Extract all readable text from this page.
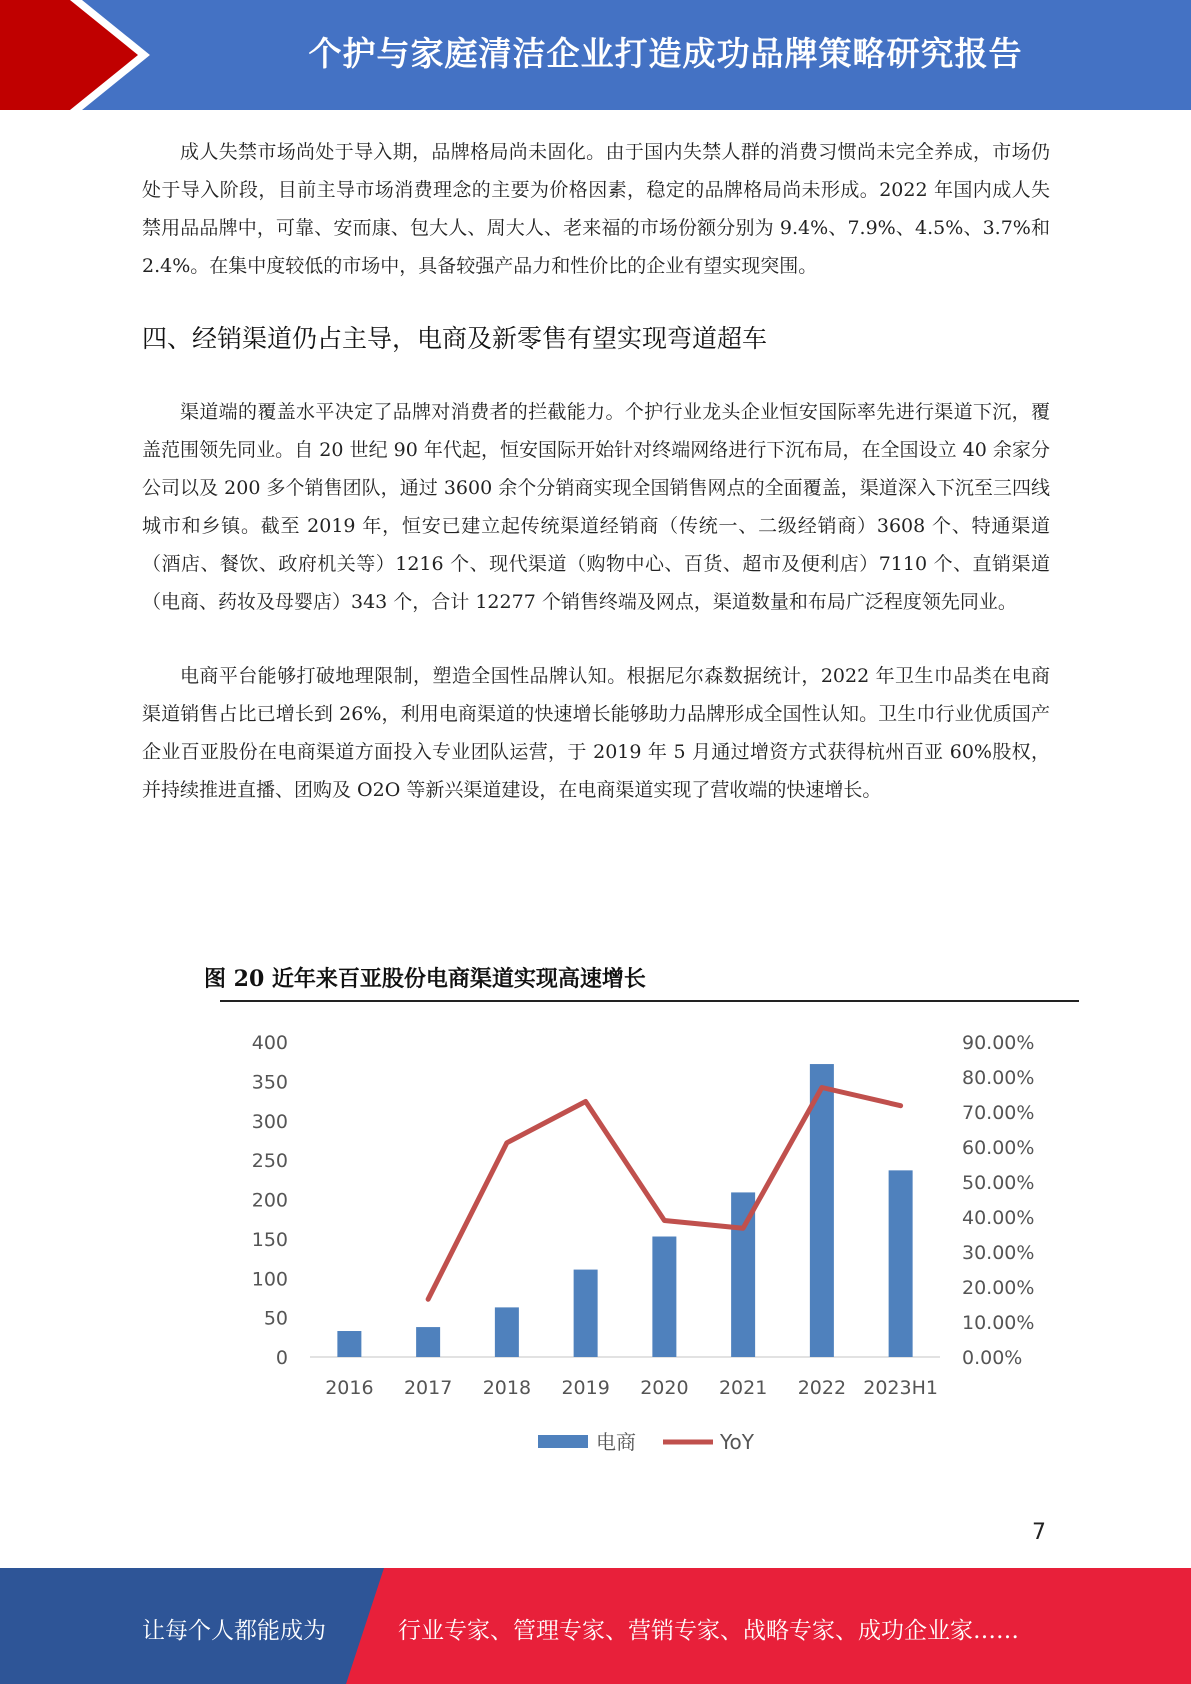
个护与家庭清洁企业打造成功品牌策略研究报告

成人失禁市场尚处于导入期，品牌格局尚未固化。由于国内失禁人群的消费习惯尚未完全养成，市场仍处于导入阶段，目前主导市场消费理念的主要为价格因素，稳定的品牌格局尚未形成。2022 年国内成人失禁用品品牌中，可靠、安而康、包大人、周大人、老来福的市场份额分别为 9.4%、7.9%、4.5%、3.7%和 2.4%。在集中度较低的市场中，具备较强产品力和性价比的企业有望实现突围。

四、经销渠道仍占主导，电商及新零售有望实现弯道超车

渠道端的覆盖水平决定了品牌对消费者的拦截能力。个护行业龙头企业恒安国际率先进行渠道下沉，覆盖范围领先同业。自 20 世纪 90 年代起，恒安国际开始针对终端网络进行下沉布局，在全国设立 40 余家分公司以及 200 多个销售团队，通过 3600 余个分销商实现全国销售网点的全面覆盖，渠道深入下沉至三四线城市和乡镇。截至 2019 年，恒安已建立起传统渠道经销商（传统一、二级经销商）3608 个、特通渠道（酒店、餐饮、政府机关等）1216 个、现代渠道（购物中心、百货、超市及便利店）7110 个、直销渠道（电商、药妆及母婴店）343 个，合计 12277 个销售终端及网点，渠道数量和布局广泛程度领先同业。

电商平台能够打破地理限制，塑造全国性品牌认知。根据尼尔森数据统计，2022 年卫生巾品类在电商渠道销售占比已增长到 26%，利用电商渠道的快速增长能够助力品牌形成全国性认知。卫生巾行业优质国产企业百亚股份在电商渠道方面投入专业团队运营，于 2019 年 5 月通过增资方式获得杭州百亚 60%股权，并持续推进直播、团购及 O2O 等新兴渠道建设，在电商渠道实现了营收端的快速增长。

图 20 近年来百亚股份电商渠道实现高速增长
0
50
100
150
200
250
300
350
400
0.00%
10.00%
20.00%
30.00%
40.00%
50.00%
60.00%
70.00%
80.00%
90.00%
2016 2017 2018 2019 2020 2021 2022 2023H1
电商	YoY
7
让每个人都能成为	行业专家、管理专家、营销专家、战略专家、成功企业家……
